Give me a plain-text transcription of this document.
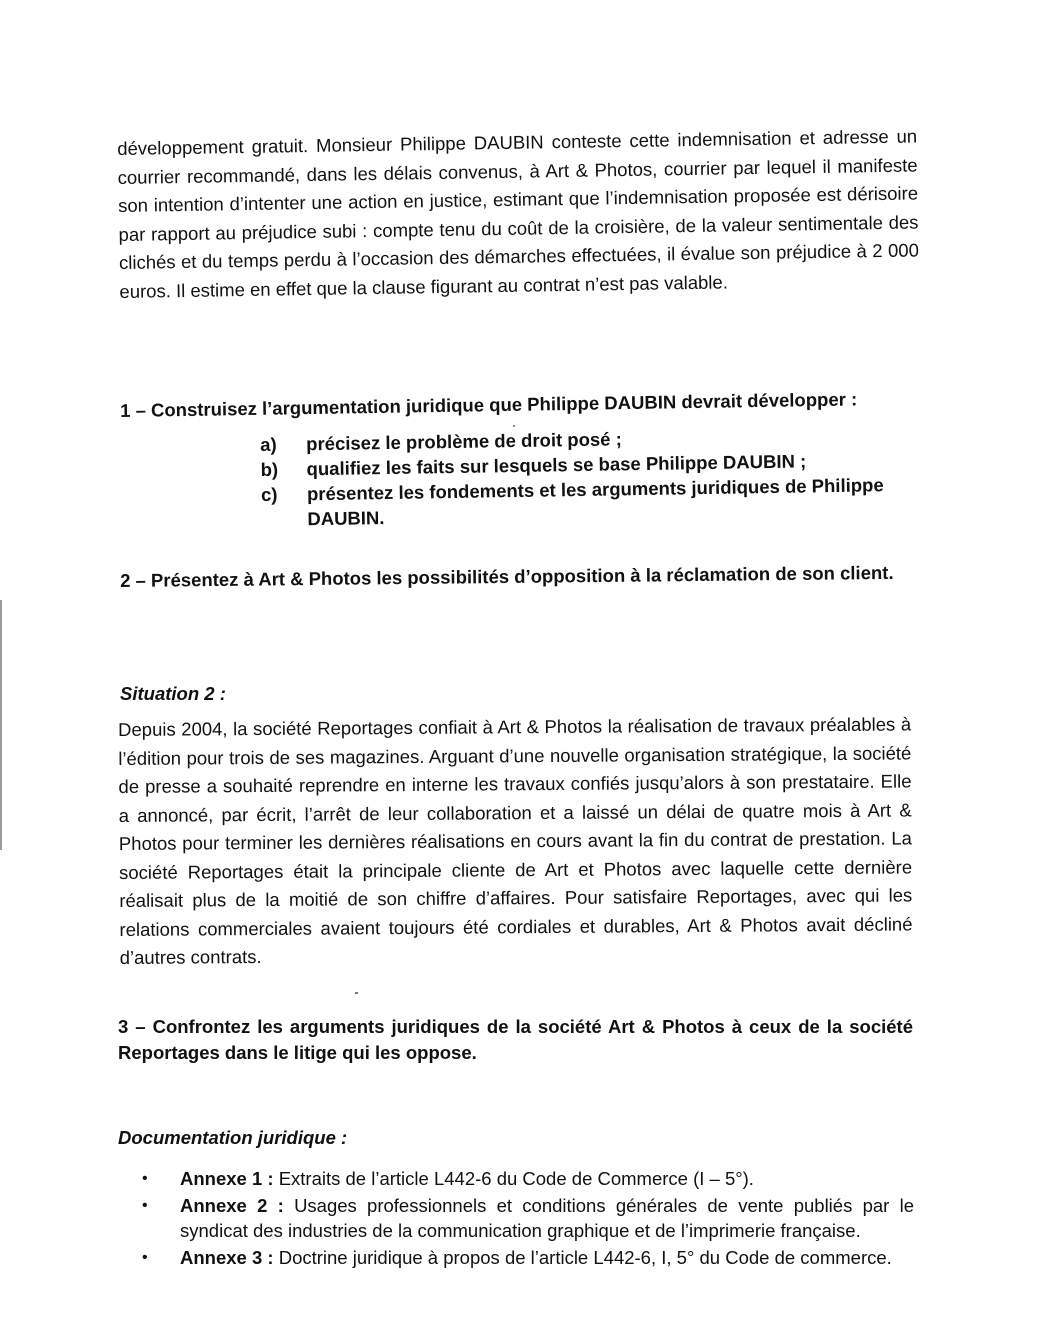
développement gratuit. Monsieur Philippe DAUBIN conteste cette indemnisation et adresse un courrier recommandé, dans les délais convenus, à Art & Photos, courrier par lequel il manifeste son intention d’intenter une action en justice, estimant que l’indemnisation proposée est dérisoire par rapport au préjudice subi : compte tenu du coût de la croisière, de la valeur sentimentale des clichés et du temps perdu à l’occasion des démarches effectuées, il évalue son préjudice à 2 000 euros. Il estime en effet que la clause figurant au contrat n’est pas valable.

1 – Construisez l’argumentation juridique que Philippe DAUBIN devrait développer :
a)	précisez le problème de droit posé ;
b)	qualifiez les faits sur lesquels se base Philippe DAUBIN ;
c)	présentez les fondements et les arguments juridiques de Philippe DAUBIN.
2 – Présentez à Art & Photos les possibilités d’opposition à la réclamation de son client.
Situation 2 :

Depuis 2004, la société Reportages confiait à Art & Photos la réalisation de travaux préalables à l’édition pour trois de ses magazines. Arguant d’une nouvelle organisation stratégique, la société de presse a souhaité reprendre en interne les travaux confiés jusqu’alors à son prestataire. Elle a annoncé, par écrit, l’arrêt de leur collaboration et a laissé un délai de quatre mois à Art & Photos pour terminer les dernières réalisations en cours avant la fin du contrat de prestation. La société Reportages était la principale cliente de Art et Photos avec laquelle cette dernière réalisait plus de la moitié de son chiffre d’affaires. Pour satisfaire Reportages, avec qui les relations commerciales avaient toujours été cordiales et durables, Art & Photos avait décliné d’autres contrats.

3 – Confrontez les arguments juridiques de la société Art & Photos à ceux de la société Reportages dans le litige qui les oppose.
Documentation juridique :
•	Annexe 1 : Extraits de l’article L442-6 du Code de Commerce (I – 5°).
•	Annexe 2 : Usages professionnels et conditions générales de vente publiés par le syndicat des industries de la communication graphique et de l’imprimerie française.
•	Annexe 3 : Doctrine juridique à propos de l’article L442-6, I, 5° du Code de commerce.
